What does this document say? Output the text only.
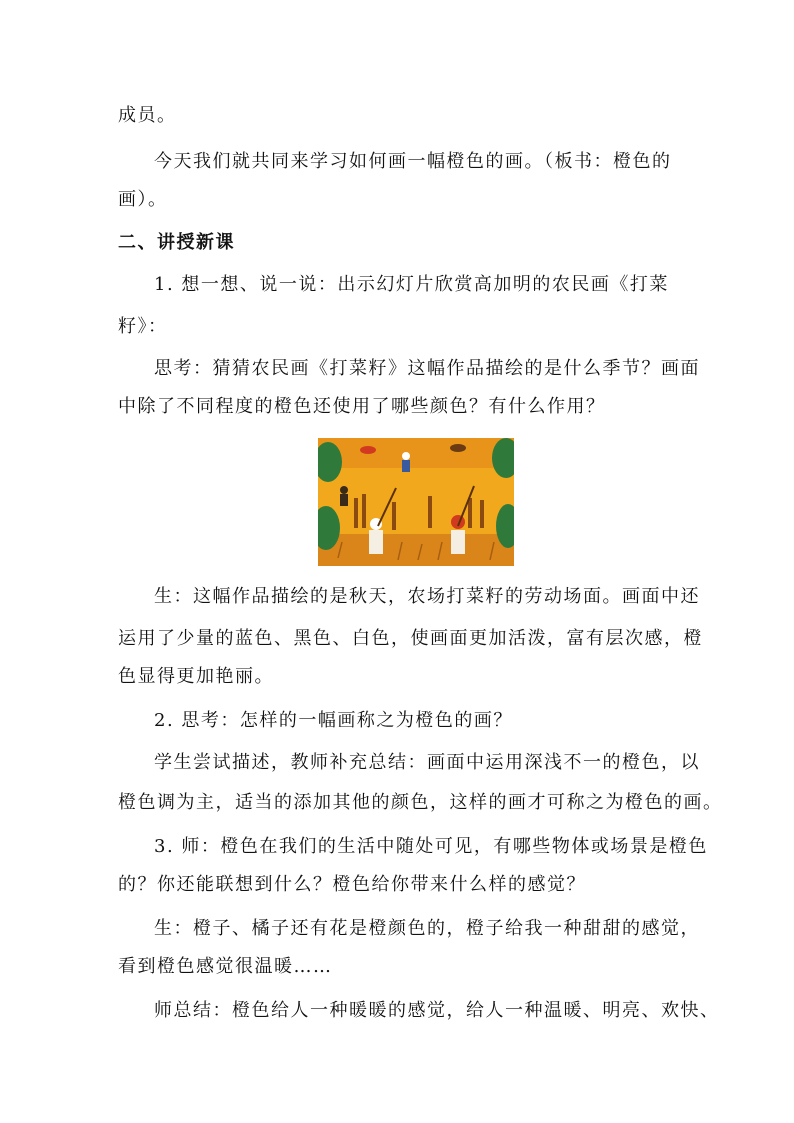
成员。
今天我们就共同来学习如何画一幅橙色的画。（板书：橙色的
画）。
二、讲授新课
1. 想一想、说一说：出示幻灯片欣赏高加明的农民画《打菜
籽》：
思考：猜猜农民画《打菜籽》这幅作品描绘的是什么季节？画面
中除了不同程度的橙色还使用了哪些颜色？有什么作用？
生：这幅作品描绘的是秋天，农场打菜籽的劳动场面。画面中还
运用了少量的蓝色、黑色、白色，使画面更加活泼，富有层次感，橙
色显得更加艳丽。
2. 思考：怎样的一幅画称之为橙色的画？
学生尝试描述，教师补充总结：画面中运用深浅不一的橙色，以
橙色调为主，适当的添加其他的颜色，这样的画才可称之为橙色的画。
3. 师：橙色在我们的生活中随处可见，有哪些物体或场景是橙色
的？你还能联想到什么？橙色给你带来什么样的感觉？
生：橙子、橘子还有花是橙颜色的，橙子给我一种甜甜的感觉，
看到橙色感觉很温暖……
师总结：橙色给人一种暖暖的感觉，给人一种温暖、明亮、欢快、
